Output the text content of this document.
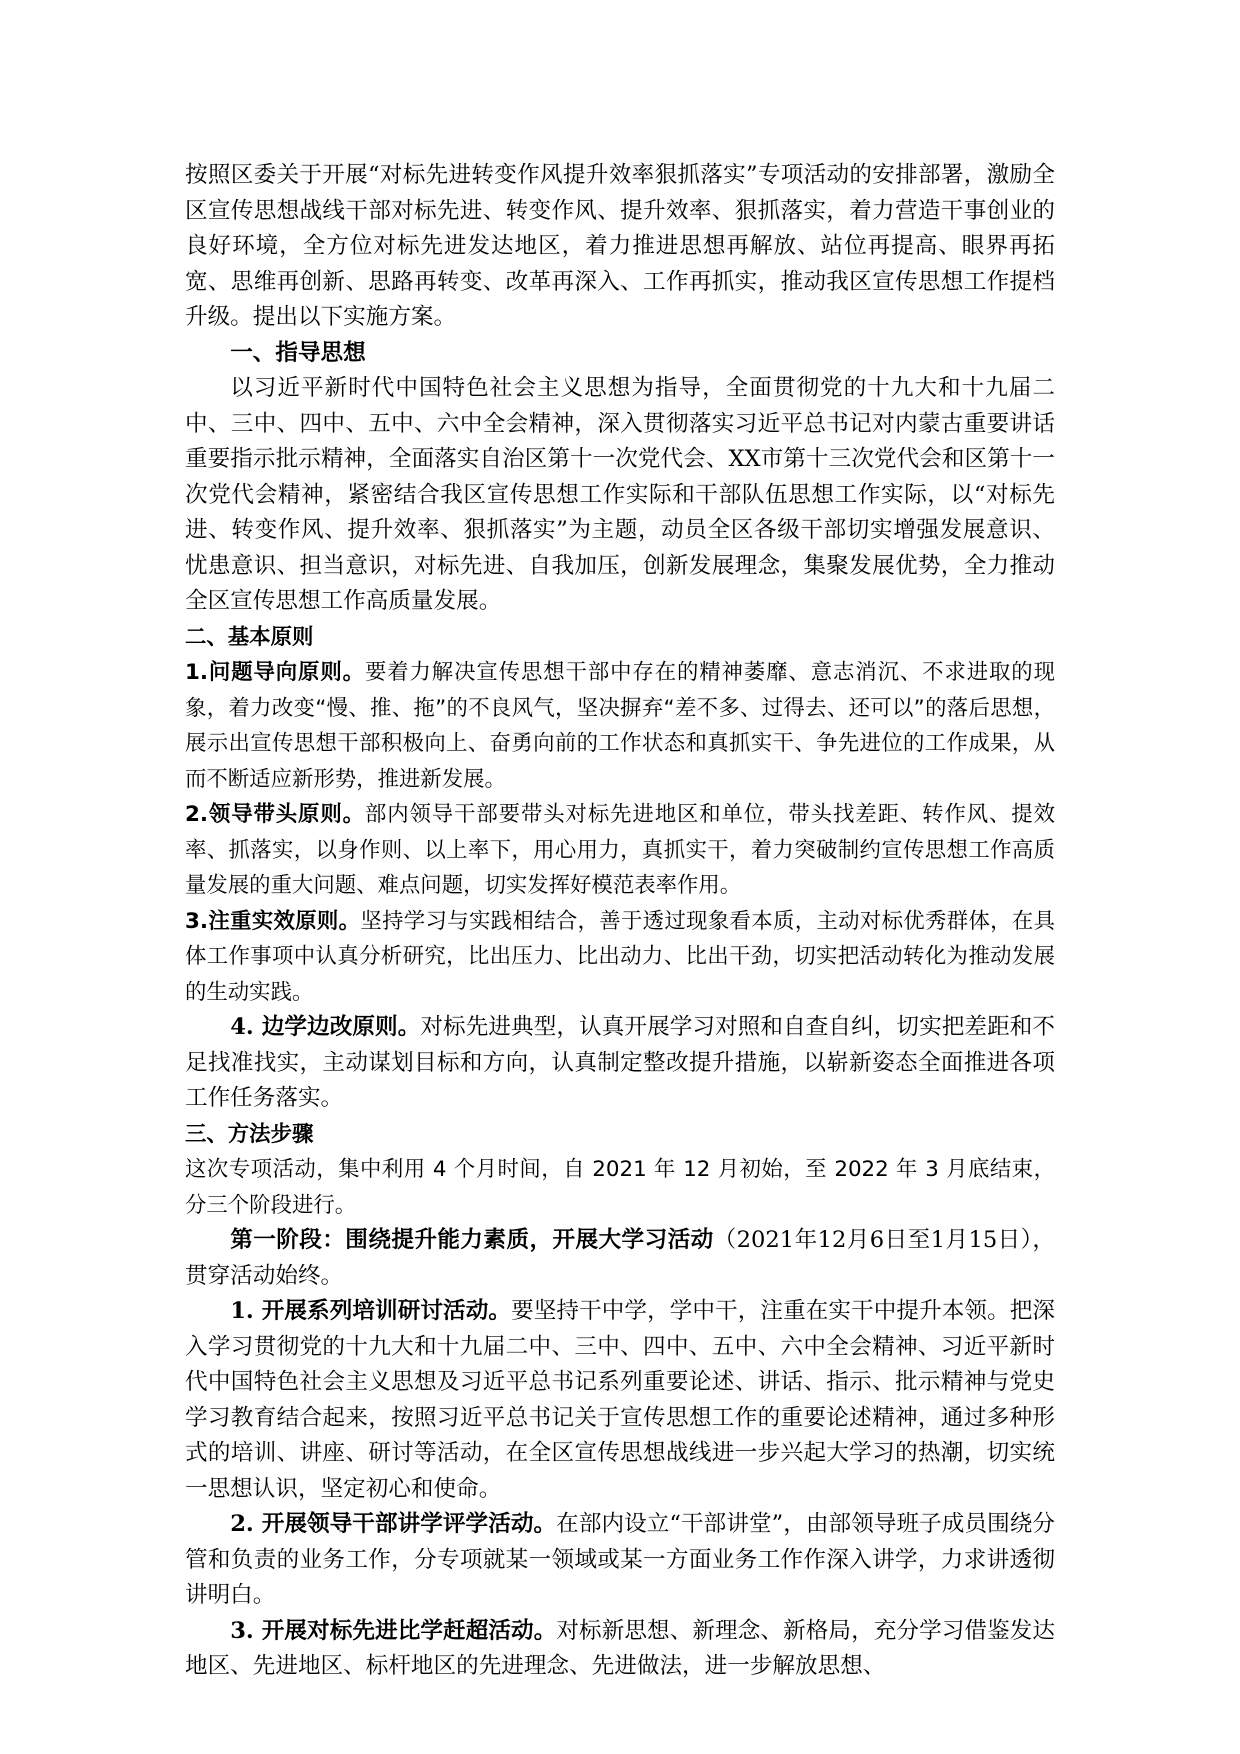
按照区委关于开展“对标先进转变作风提升效率狠抓落实”专项活动的安排部署，激励全区宣传思想战线干部对标先进、转变作风、提升效率、狠抓落实，着力营造干事创业的良好环境，全方位对标先进发达地区，着力推进思想再解放、站位再提高、眼界再拓宽、思维再创新、思路再转变、改革再深入、工作再抓实，推动我区宣传思想工作提档升级。提出以下实施方案。

一、指导思想

以习近平新时代中国特色社会主义思想为指导，全面贯彻党的十九大和十九届二中、三中、四中、五中、六中全会精神，深入贯彻落实习近平总书记对内蒙古重要讲话重要指示批示精神，全面落实自治区第十一次党代会、XX市第十三次党代会和区第十一次党代会精神，紧密结合我区宣传思想工作实际和干部队伍思想工作实际，以“对标先进、转变作风、提升效率、狠抓落实”为主题，动员全区各级干部切实增强发展意识、忧患意识、担当意识，对标先进、自我加压，创新发展理念，集聚发展优势，全力推动全区宣传思想工作高质量发展。

二、基本原则

1.问题导向原则。要着力解决宣传思想干部中存在的精神萎靡、意志消沉、不求进取的现象，着力改变“慢、推、拖”的不良风气，坚决摒弃“差不多、过得去、还可以”的落后思想，展示出宣传思想干部积极向上、奋勇向前的工作状态和真抓实干、争先进位的工作成果，从而不断适应新形势，推进新发展。

2.领导带头原则。部内领导干部要带头对标先进地区和单位，带头找差距、转作风、提效率、抓落实，以身作则、以上率下，用心用力，真抓实干，着力突破制约宣传思想工作高质量发展的重大问题、难点问题，切实发挥好模范表率作用。

3.注重实效原则。坚持学习与实践相结合，善于透过现象看本质，主动对标优秀群体，在具体工作事项中认真分析研究，比出压力、比出动力、比出干劲，切实把活动转化为推动发展的生动实践。

4. 边学边改原则。对标先进典型，认真开展学习对照和自查自纠，切实把差距和不足找准找实，主动谋划目标和方向，认真制定整改提升措施，以崭新姿态全面推进各项工作任务落实。

三、方法步骤

这次专项活动，集中利用 4 个月时间，自 2021 年 12 月初始，至 2022 年 3 月底结束，分三个阶段进行。

第一阶段：围绕提升能力素质，开展大学习活动（2021年12月6日至1月15日），贯穿活动始终。

1. 开展系列培训研讨活动。要坚持干中学，学中干，注重在实干中提升本领。把深入学习贯彻党的十九大和十九届二中、三中、四中、五中、六中全会精神、习近平新时代中国特色社会主义思想及习近平总书记系列重要论述、讲话、指示、批示精神与党史学习教育结合起来，按照习近平总书记关于宣传思想工作的重要论述精神，通过多种形式的培训、讲座、研讨等活动，在全区宣传思想战线进一步兴起大学习的热潮，切实统一思想认识，坚定初心和使命。

2. 开展领导干部讲学评学活动。在部内设立“干部讲堂”，由部领导班子成员围绕分管和负责的业务工作，分专项就某一领域或某一方面业务工作作深入讲学，力求讲透彻讲明白。

3. 开展对标先进比学赶超活动。对标新思想、新理念、新格局，充分学习借鉴发达地区、先进地区、标杆地区的先进理念、先进做法，进一步解放思想、
